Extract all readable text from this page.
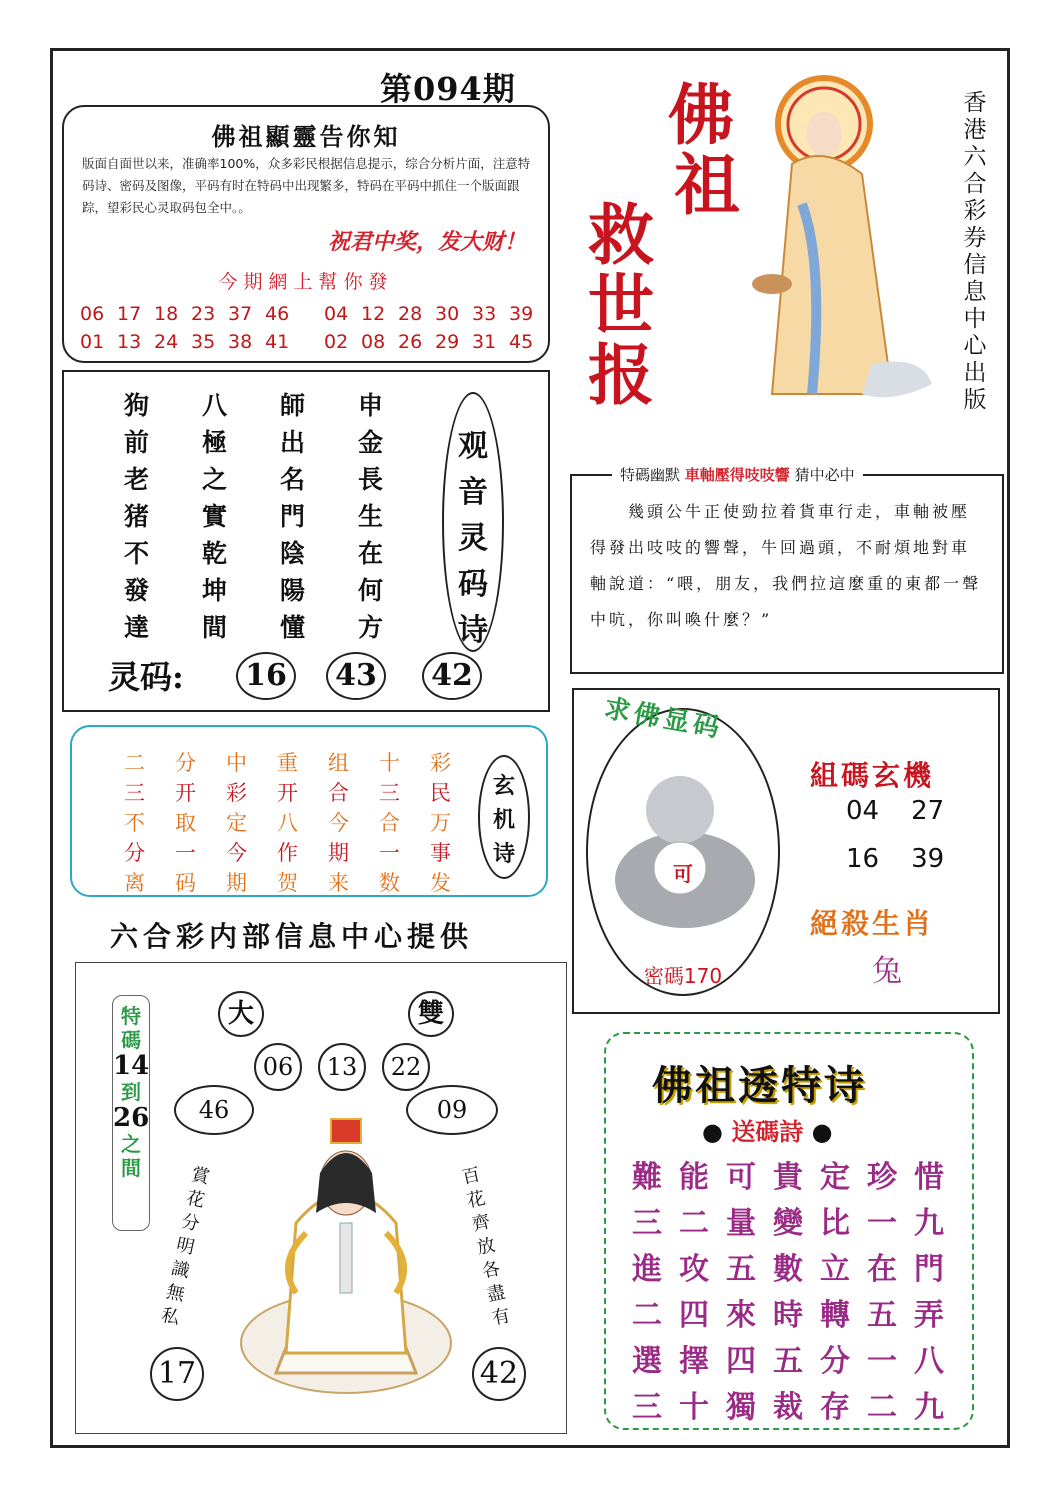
第094期
佛祖顯靈告你知
版面自面世以来，准确率100%，众多彩民根据信息提示，综合分析片面，注意特码诗、密码及图像，平码有时在特码中出现繁多，特码在平码中抓住一个版面跟踪，望彩民心灵取码包全中。。
祝君中奖，发大财！
今期網上幫你發
06 17 18 23 37 46 04 12 28 30 33 39
01 13 24 35 38 41 02 08 26 29 31 45
狗	八	師	申
前	極	出	金
老	之	名	長
猪	實	門	生
不	乾	陰	在
發	坤	陽	何
達	間	懂	方
观
音
灵
码
诗
灵码:	16	43	42
二	分	中	重	组	十	彩
三	开	彩	开	合	三	民
不	取	定	八	今	合	万
分	一	今	作	期	一	事
离	码	期	贺	来	数	发
玄
机
诗
六合彩内部信息中心提供
特
碼
14
到
26
之
間
大	雙
06	13	22
46	09
賞花分明識無私
百花齊放各盡有
17	42
佛
祖
救
世
报
香港六合彩券信息中心出版
特碼幽默 車軸壓得吱吱響 猜中必中
　　幾頭公牛正使勁拉着貨車行走，車軸被壓得發出吱吱的響聲，牛回過頭，不耐煩地對車軸說道：“喂，朋友，我們拉這麼重的東都一聲中吭，你叫喚什麼？”
可
密碼170
求佛显码
組碼玄機
04 27
16 39
絕殺生肖
兔
佛祖透特诗
● 送碼詩 ●
難 能 可 貴 定 珍 惜
三 二 量 變 比 一 九
進 攻 五 數 立 在 門
二 四 來 時 轉 五 弄
選 擇 四 五 分 一 八
三 十 獨 裁 存 二 九
